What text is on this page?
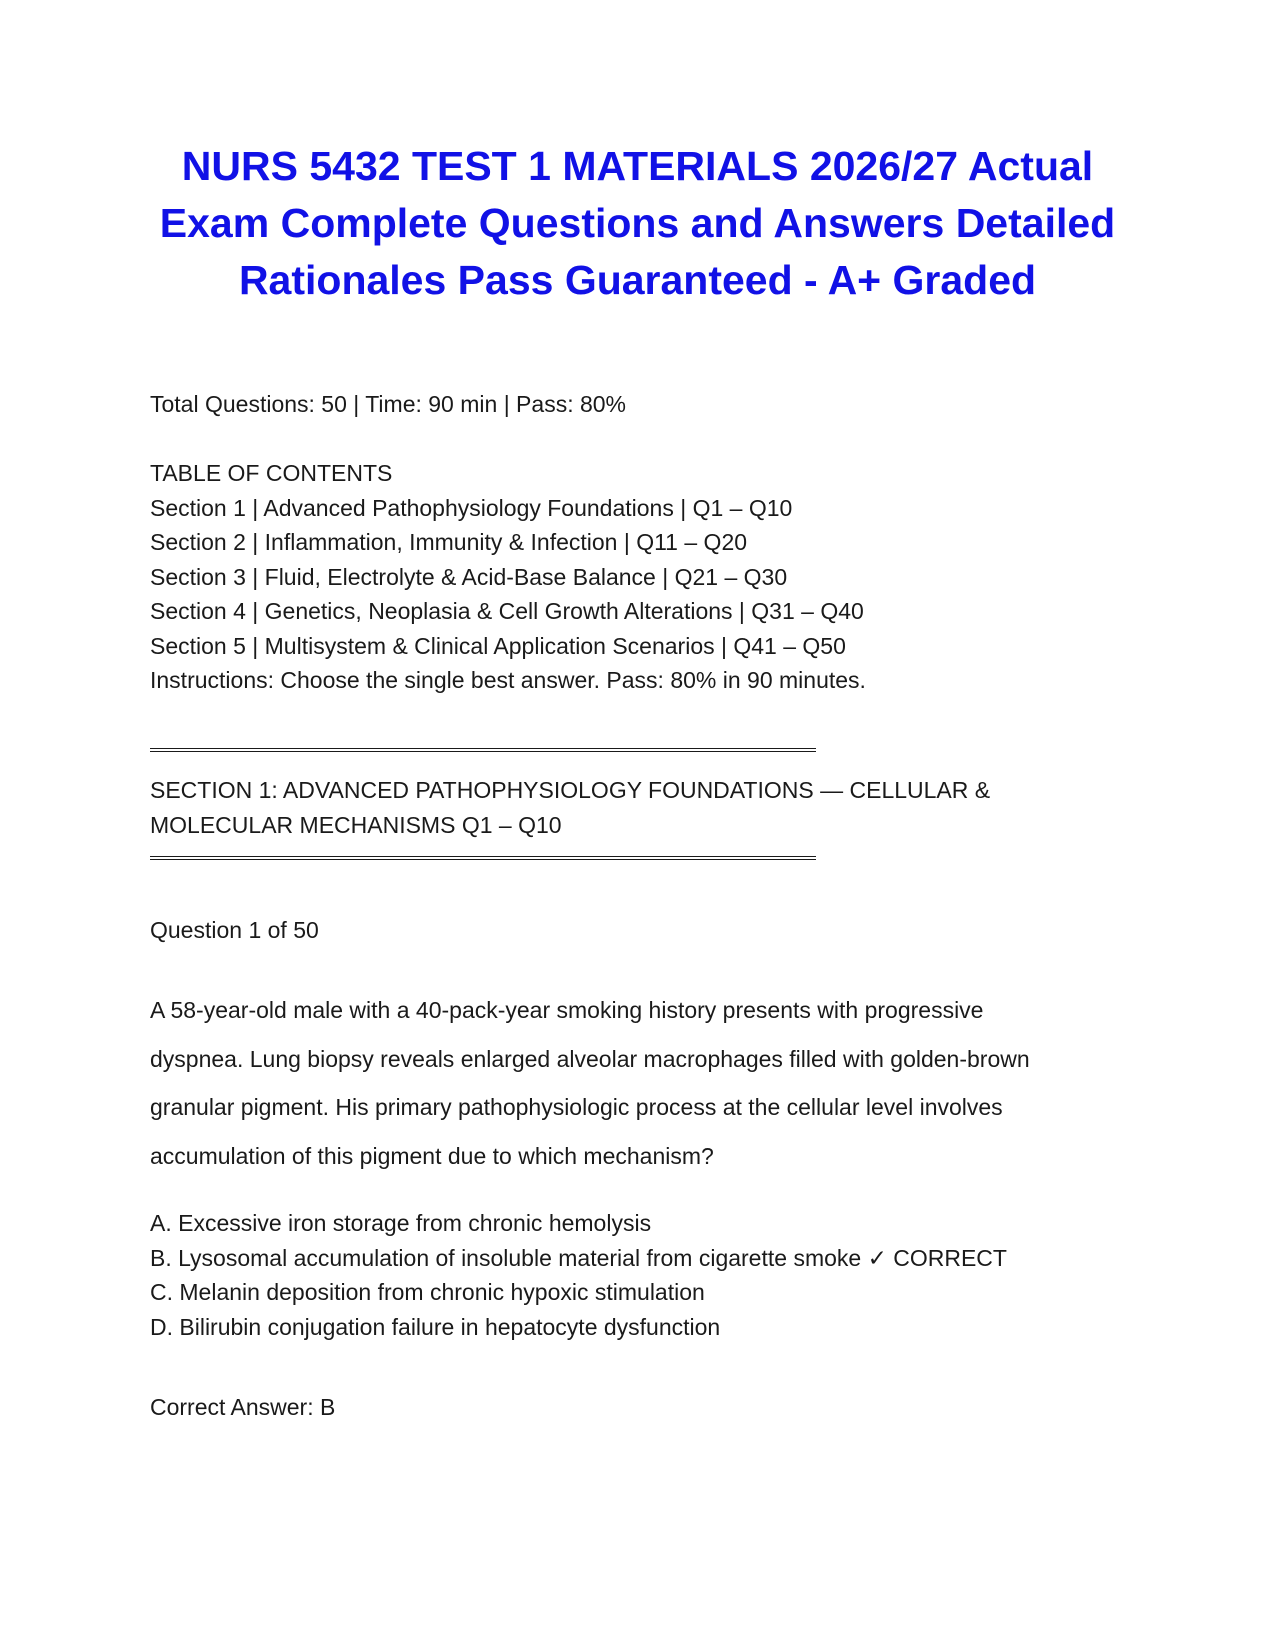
NURS 5432 TEST 1 MATERIALS 2026/27 Actual
Exam Complete Questions and Answers Detailed
Rationales Pass Guaranteed - A+ Graded
Total Questions: 50 | Time: 90 min | Pass: 80%
TABLE OF CONTENTS
Section 1 | Advanced Pathophysiology Foundations | Q1 – Q10
Section 2 | Inflammation, Immunity & Infection | Q11 – Q20
Section 3 | Fluid, Electrolyte & Acid-Base Balance | Q21 – Q30
Section 4 | Genetics, Neoplasia & Cell Growth Alterations | Q31 – Q40
Section 5 | Multisystem & Clinical Application Scenarios | Q41 – Q50
Instructions: Choose the single best answer. Pass: 80% in 90 minutes.
SECTION 1: ADVANCED PATHOPHYSIOLOGY FOUNDATIONS — CELLULAR &
MOLECULAR MECHANISMS Q1 – Q10
Question 1 of 50
A 58-year-old male with a 40-pack-year smoking history presents with progressive
dyspnea. Lung biopsy reveals enlarged alveolar macrophages filled with golden-brown
granular pigment. His primary pathophysiologic process at the cellular level involves
accumulation of this pigment due to which mechanism?
A. Excessive iron storage from chronic hemolysis
B. Lysosomal accumulation of insoluble material from cigarette smoke ✓ CORRECT
C. Melanin deposition from chronic hypoxic stimulation
D. Bilirubin conjugation failure in hepatocyte dysfunction
Correct Answer: B
